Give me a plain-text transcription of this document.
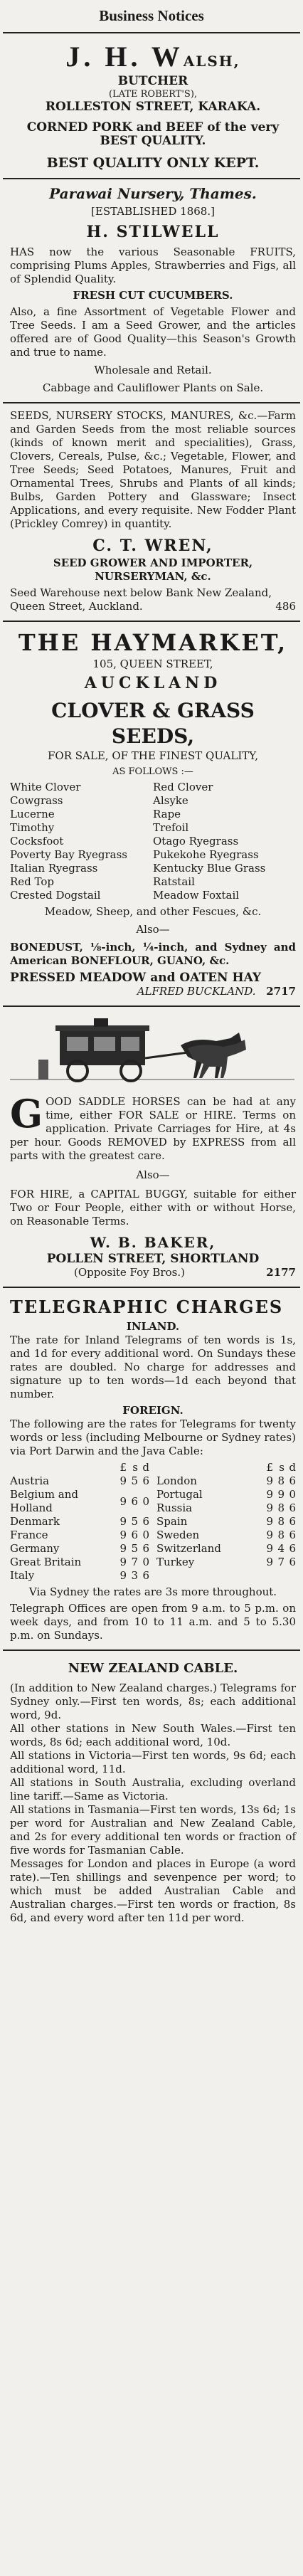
Business Notices
J. H. WALSH,
BUTCHER
(LATE ROBERT'S),
ROLLESTON STREET, KARAKA.
CORNED PORK and BEEF of the very
BEST QUALITY.
BEST QUALITY ONLY KEPT.
Parawai Nursery, Thames.
[ESTABLISHED 1868.]
H. STILWELL
HAS now the various Seasonable FRUITS, comprising Plums Apples, Strawberries and Figs, all of Splendid Quality.
FRESH CUT CUCUMBERS.
Also, a fine Assortment of Vegetable Flower and Tree Seeds. I am a Seed Grower, and the articles offered are of Good Quality—this Season's Growth and true to name.
Wholesale and Retail.
Cabbage and Cauliflower Plants on Sale.
SEEDS, NURSERY STOCKS, MANURES, &c.—Farm and Garden Seeds from the most reliable sources (kinds of known merit and specialities), Grass, Clovers, Cereals, Pulse, &c.; Vegetable, Flower, and Tree Seeds; Seed Potatoes, Manures, Fruit and Ornamental Trees, Shrubs and Plants of all kinds; Bulbs, Garden Pottery and Glassware; Insect Applications, and every requisite. New Fodder Plant (Prickley Comrey) in quantity.
C. T. WREN,
SEED GROWER AND IMPORTER,
NURSERYMAN, &c.
Seed Warehouse next below Bank New Zealand, Queen Street, Auckland.	486
THE HAYMARKET,
105, QUEEN STREET,
AUCKLAND
CLOVER & GRASS SEEDS,
FOR SALE, OF THE FINEST QUALITY,
AS FOLLOWS :—
White Clover
Cowgrass
Lucerne
Timothy
Cocksfoot
Poverty Bay Ryegrass
Italian Ryegrass
Red Top
Crested Dogstail
Red Clover
Alsyke
Rape
Trefoil
Otago Ryegrass
Pukekohe Ryegrass
Kentucky Blue Grass
Ratstail
Meadow Foxtail
Meadow, Sheep, and other Fescues, &c.
Also—
BONEDUST, ⅛-inch, ¼-inch, and Sydney and American BONEFLOUR, GUANO, &c.
PRESSED MEADOW and OATEN HAY
ALFRED BUCKLAND. 2717
GOOD SADDLE HORSES can be had at any time, either FOR SALE or HIRE. Terms on application. Private Carriages for Hire, at 4s per hour. Goods REMOVED by EXPRESS from all parts with the greatest care.
Also—
FOR HIRE, a CAPITAL BUGGY, suitable for either Two or Four People, either with or without Horse, on Reasonable Terms.
W. B. BAKER,
POLLEN STREET, SHORTLAND
(Opposite Foy Bros.)	2177
TELEGRAPHIC CHARGES
INLAND.
The rate for Inland Telegrams of ten words is 1s, and 1d for every additional word. On Sundays these rates are doubled. No charge for addresses and signature up to ten words—1d each beyond that number.
FOREIGN.
The following are the rates for Telegrams for twenty words or less (including Melbourne or Sydney rates) via Port Darwin and the Java Cable:
	£	s	d
Austria	9	5	6
Belgium and Holland	9	6	0
Denmark	9	5	6
France	9	6	0
Germany	9	5	6
Great Britain	9	7	0
Italy	9	3	6
	£	s	d
London	9	8	6
Portugal	9	9	0
Russia	9	8	6
Spain	9	8	6
Sweden	9	8	6
Switzerland	9	4	6
Turkey	9	7	6
Via Sydney the rates are 3s more throughout.
Telegraph Offices are open from 9 a.m. to 5 p.m. on week days, and from 10 to 11 a.m. and 5 to 5.30 p.m. on Sundays.
NEW ZEALAND CABLE.
(In addition to New Zealand charges.) Telegrams for Sydney only.—First ten words, 8s; each additional word, 9d.
All other stations in New South Wales.—First ten words, 8s 6d; each additional word, 10d.
All stations in Victoria—First ten words, 9s 6d; each additional word, 11d.
All stations in South Australia, excluding overland line tariff.—Same as Victoria.
All stations in Tasmania—First ten words, 13s 6d; 1s per word for Australian and New Zealand Cable, and 2s for every additional ten words or fraction of five words for Tasmanian Cable.
Messages for London and places in Europe (a word rate).—Ten shillings and sevenpence per word; to which must be added Australian Cable and Australian charges.—First ten words or fraction, 8s 6d, and every word after ten 11d per word.
